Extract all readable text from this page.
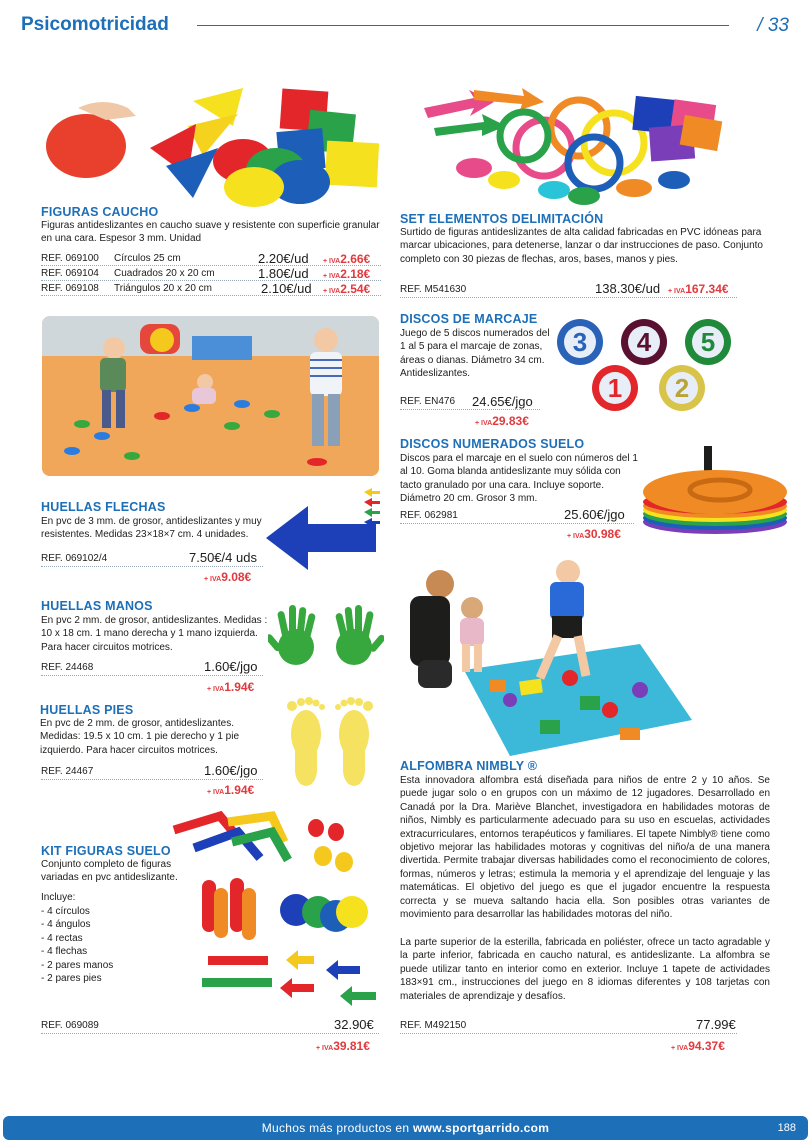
Psicomotricidad	/ 33
FIGURAS CAUCHO
Figuras antideslizantes en caucho suave y resistente con superficie granular en una cara. Espesor 3 mm. Unidad
REF. 069100 Círculos 25 cm	2.20€/ud + IVA2.66€
REF. 069104 Cuadrados 20 x 20 cm	1.80€/ud + IVA2.18€
REF. 069108 Triángulos 20 x 20 cm	2.10€/ud + IVA2.54€
SET ELEMENTOS DELIMITACIÓN
Surtido de figuras antideslizantes de alta calidad fabricadas en PVC idóneas para marcar ubicaciones, para detenerse, lanzar o dar instrucciones de paso. Conjunto completo con 30 piezas de flechas, aros, bases, manos y pies.
REF. M541630	138.30€/ud + IVA167.34€
DISCOS DE MARCAJE
Juego de 5 discos numerados del 1 al 5 para el marcaje de zonas, áreas o dianas. Diámetro 34 cm. Antideslizantes.
REF. EN476 24.65€/jgo
+ IVA29.83€
3 4 5
1 2
DISCOS NUMERADOS SUELO
Discos para el marcaje en el suelo con números del 1 al 10. Goma blanda antideslizante muy sólida con tacto granulado por una cara. Incluye soporte. Diámetro 20 cm. Grosor 3 mm.
REF. 062981	25.60€/jgo
+ IVA30.98€
HUELLAS FLECHAS
En pvc de 3 mm. de grosor, antideslizantes y muy resistentes. Medidas 23×18×7 cm. 4 unidades.
REF. 069102/4	7.50€/4 uds
+ IVA9.08€
HUELLAS MANOS
En pvc 2 mm. de grosor, antideslizantes. Medidas : 10 x 18 cm. 1 mano derecha y 1 mano izquierda. Para hacer circuitos motrices.
REF. 24468	1.60€/jgo
+ IVA1.94€
HUELLAS PIES
En pvc de 2 mm. de grosor, antideslizantes. Medidas: 19.5 x 10 cm. 1 pie derecho y 1 pie izquierdo. Para hacer circuitos motrices.
REF. 24467	1.60€/jgo
+ IVA1.94€
KIT FIGURAS SUELO
Conjunto completo de figuras variadas en pvc antideslizante.
Incluye:
- 4 círculos
- 4 ángulos
- 4 rectas
- 4 flechas
- 2 pares manos
- 2 pares pies
REF. 069089	32.90€
+ IVA39.81€
ALFOMBRA NIMBLY ®
Esta innovadora alfombra está diseñada para niños de entre 2 y 10 años. Se puede jugar solo o en grupos con un máximo de 12 jugadores. Desarrollado en Canadá por la Dra. Mariève Blanchet, investigadora en habilidades motoras de niños, Nimbly es particularmente adecuado para su uso en escuelas, actividades extracurriculares, entornos terapéuticos y familiares. El tapete Nimbly® tiene como objetivo mejorar las habilidades motoras y cognitivas del niño/a de una manera divertida. Permite trabajar diversas habilidades como el reconocimiento de colores, formas, números y letras; estimula la memoria y el aprendizaje del lenguaje y las matemáticas. El objetivo del juego es que el jugador encuentre la respuesta correcta y se mueva saltando hacia ella. Son posibles otras variantes de movimiento para desarrollar las habilidades motoras del niño.
La parte superior de la esterilla, fabricada en poliéster, ofrece un tacto agradable y la parte inferior, fabricada en caucho natural, es antideslizante. La alfombra se puede utilizar tanto en interior como en exterior. Incluye 1 tapete de actividades 183×91 cm., instrucciones del juego en 8 idiomas diferentes y 108 tarjetas con materiales de aprendizaje y desafíos.
REF. M492150	77.99€
+ IVA94.37€
Muchos más productos en www.sportgarrido.com	188
